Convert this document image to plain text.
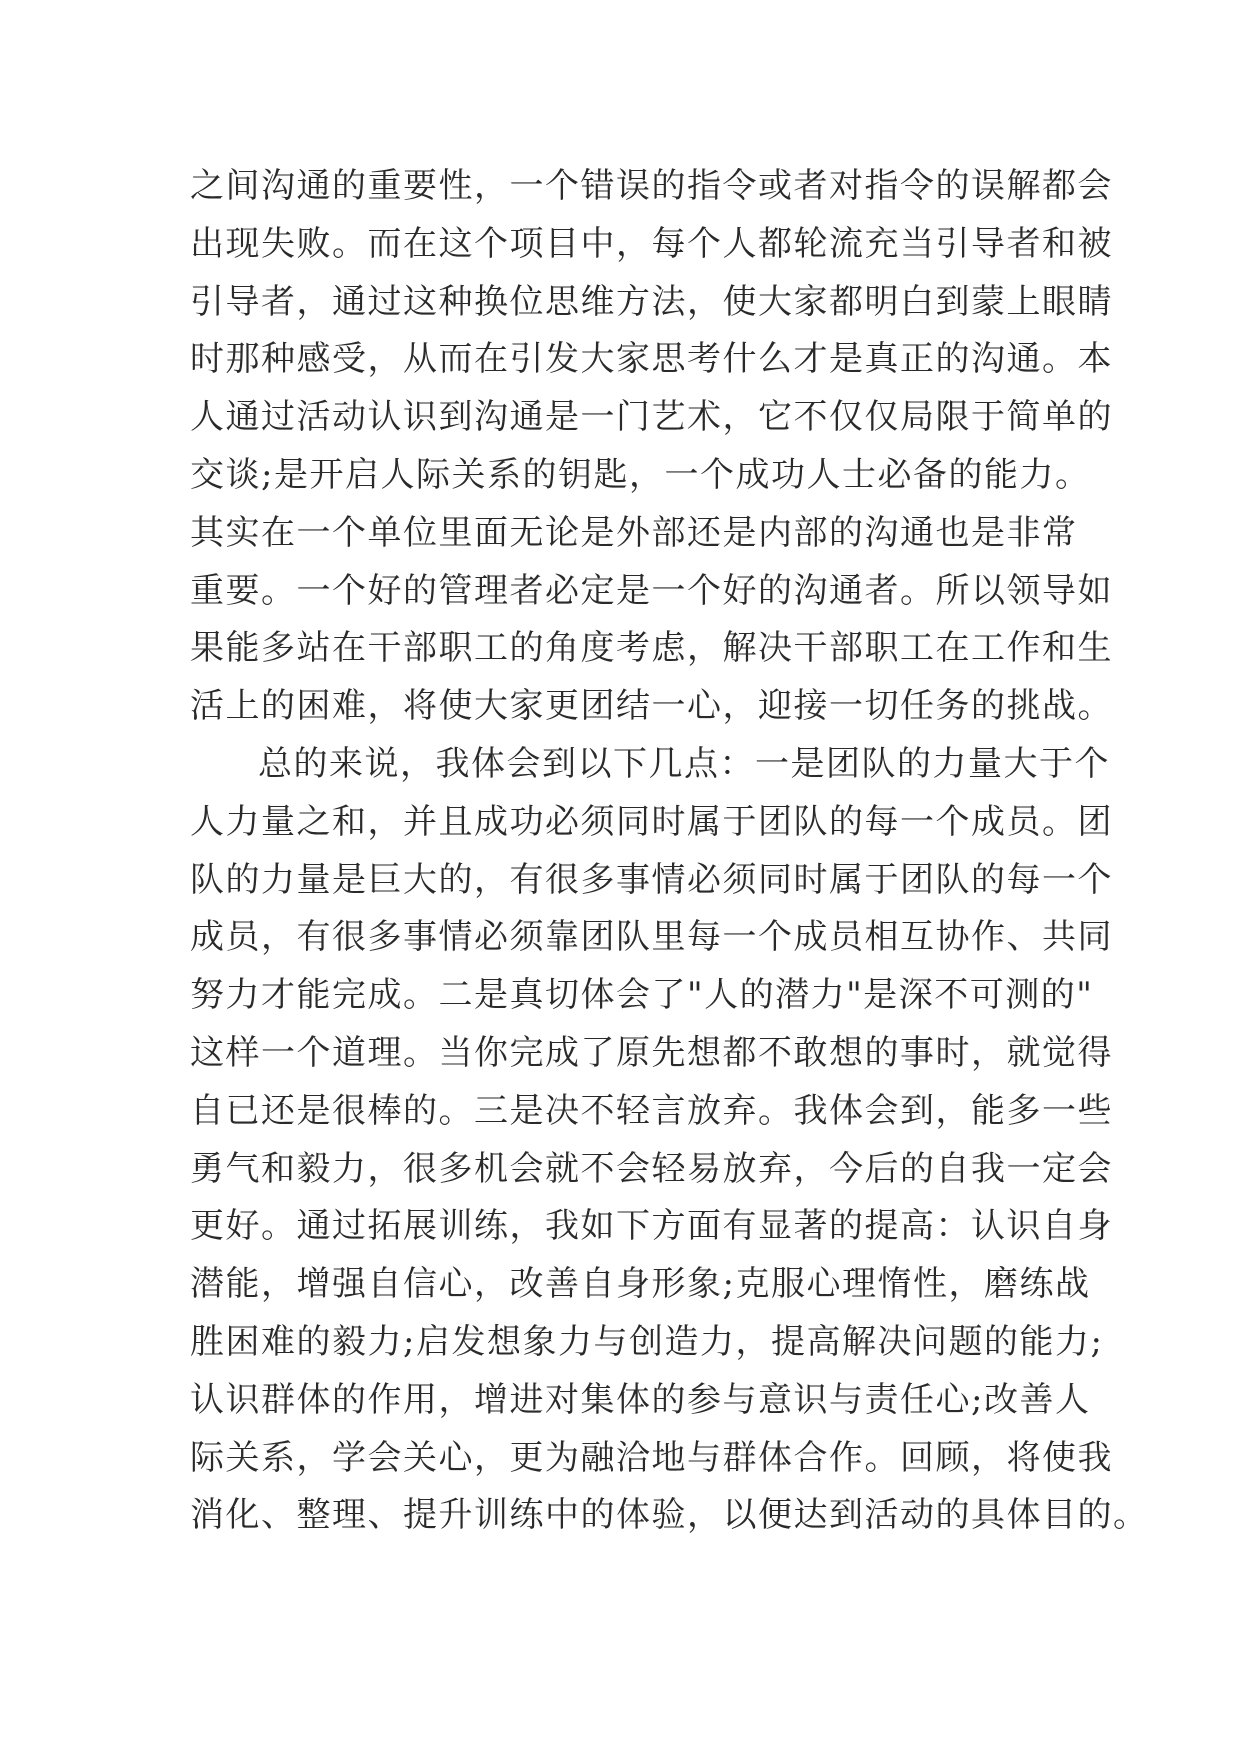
之间沟通的重要性，一个错误的指令或者对指令的误解都会
出现失败。而在这个项目中，每个人都轮流充当引导者和被
引导者，通过这种换位思维方法，使大家都明白到蒙上眼睛
时那种感受，从而在引发大家思考什么才是真正的沟通。本
人通过活动认识到沟通是一门艺术，它不仅仅局限于简单的
交谈;是开启人际关系的钥匙，一个成功人士必备的能力。
其实在一个单位里面无论是外部还是内部的沟通也是非常
重要。一个好的管理者必定是一个好的沟通者。所以领导如
果能多站在干部职工的角度考虑，解决干部职工在工作和生
活上的困难，将使大家更团结一心，迎接一切任务的挑战。
总的来说，我体会到以下几点：一是团队的力量大于个
人力量之和，并且成功必须同时属于团队的每一个成员。团
队的力量是巨大的，有很多事情必须同时属于团队的每一个
成员，有很多事情必须靠团队里每一个成员相互协作、共同
努力才能完成。二是真切体会了"人的潜力"是深不可测的"
这样一个道理。当你完成了原先想都不敢想的事时，就觉得
自已还是很棒的。三是决不轻言放弃。我体会到，能多一些
勇气和毅力，很多机会就不会轻易放弃，今后的自我一定会
更好。通过拓展训练，我如下方面有显著的提高：认识自身
潜能，增强自信心，改善自身形象;克服心理惰性，磨练战
胜困难的毅力;启发想象力与创造力，提高解决问题的能力;
认识群体的作用，增进对集体的参与意识与责任心;改善人
际关系，学会关心，更为融洽地与群体合作。回顾，将使我
消化、整理、提升训练中的体验，以便达到活动的具体目的。
